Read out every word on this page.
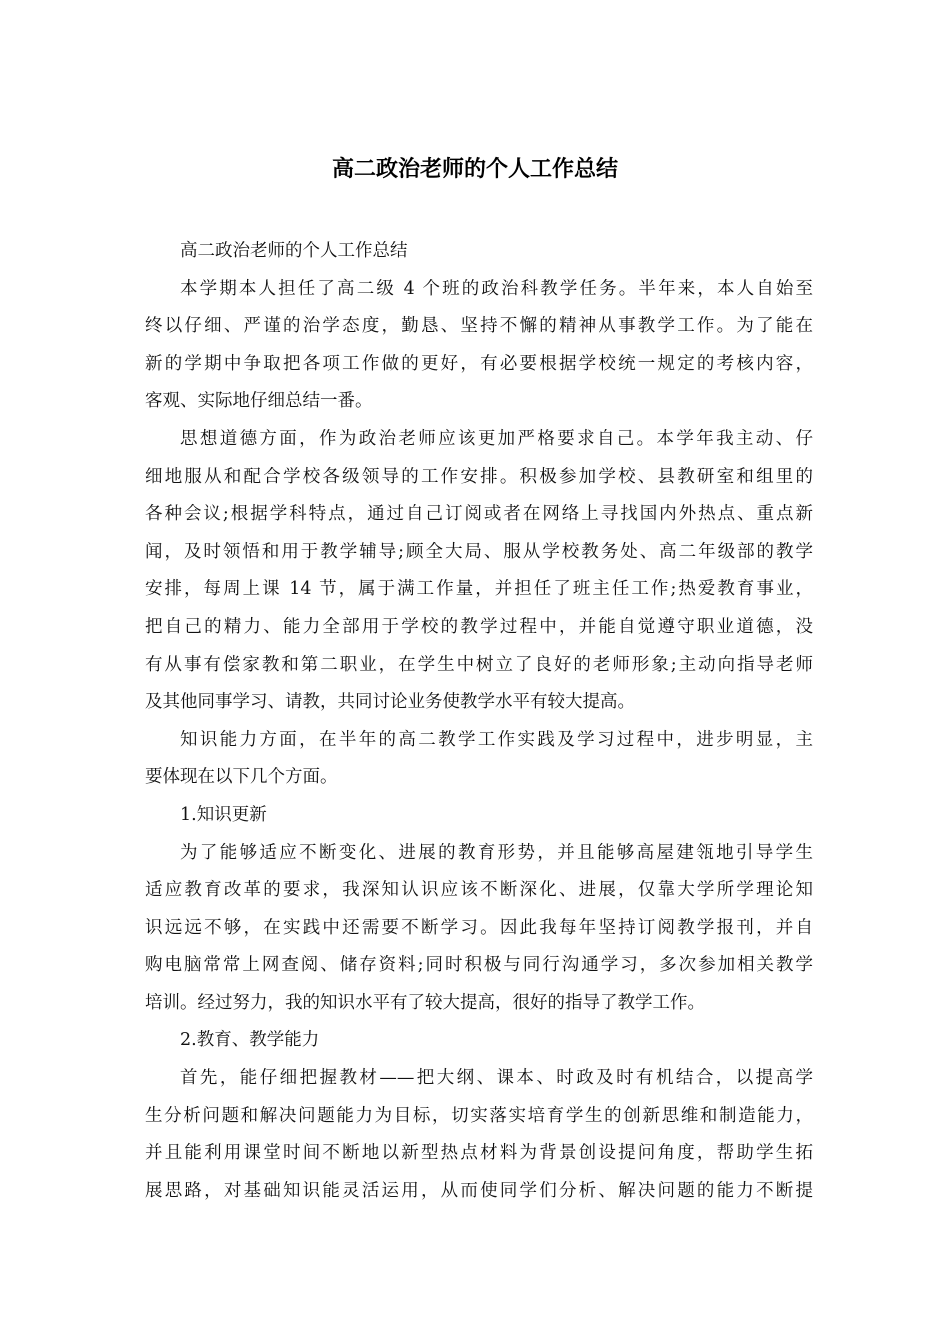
高二政治老师的个人工作总结

高二政治老师的个人工作总结

本学期本人担任了高二级 4 个班的政治科教学任务。半年来，本人自始至
终以仔细、严谨的治学态度，勤恳、坚持不懈的精神从事教学工作。为了能在
新的学期中争取把各项工作做的更好，有必要根据学校统一规定的考核内容，
客观、实际地仔细总结一番。

思想道德方面，作为政治老师应该更加严格要求自己。本学年我主动、仔
细地服从和配合学校各级领导的工作安排。积极参加学校、县教研室和组里的
各种会议;根据学科特点，通过自己订阅或者在网络上寻找国内外热点、重点新
闻，及时领悟和用于教学辅导;顾全大局、服从学校教务处、高二年级部的教学
安排，每周上课 14 节，属于满工作量，并担任了班主任工作;热爱教育事业，
把自己的精力、能力全部用于学校的教学过程中，并能自觉遵守职业道德，没
有从事有偿家教和第二职业，在学生中树立了良好的老师形象;主动向指导老师
及其他同事学习、请教，共同讨论业务使教学水平有较大提高。

知识能力方面，在半年的高二教学工作实践及学习过程中，进步明显，主
要体现在以下几个方面。

1.知识更新

为了能够适应不断变化、进展的教育形势，并且能够高屋建瓴地引导学生
适应教育改革的要求，我深知认识应该不断深化、进展，仅靠大学所学理论知
识远远不够，在实践中还需要不断学习。因此我每年坚持订阅教学报刊，并自
购电脑常常上网查阅、储存资料;同时积极与同行沟通学习，多次参加相关教学
培训。经过努力，我的知识水平有了较大提高，很好的指导了教学工作。

2.教育、教学能力

首先，能仔细把握教材——把大纲、课本、时政及时有机结合，以提高学
生分析问题和解决问题能力为目标，切实落实培育学生的创新思维和制造能力，
并且能利用课堂时间不断地以新型热点材料为背景创设提问角度，帮助学生拓
展思路，对基础知识能灵活运用，从而使同学们分析、解决问题的能力不断提
